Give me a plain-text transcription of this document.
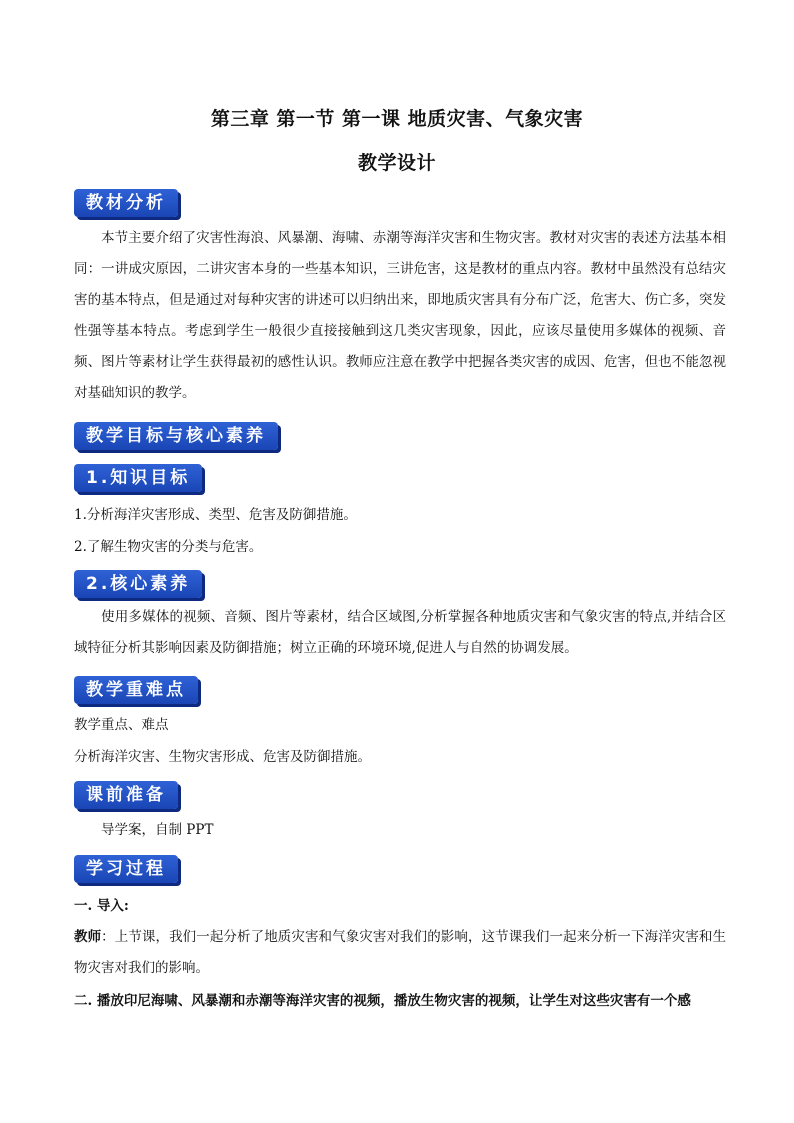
第三章 第一节 第一课 地质灾害、气象灾害
教学设计
教材分析
本节主要介绍了灾害性海浪、风暴潮、海啸、赤潮等海洋灾害和生物灾害。教材对灾害的表述方法基本相同：一讲成灾原因，二讲灾害本身的一些基本知识，三讲危害，这是教材的重点内容。教材中虽然没有总结灾害的基本特点，但是通过对每种灾害的讲述可以归纳出来，即地质灾害具有分布广泛，危害大、伤亡多，突发性强等基本特点。考虑到学生一般很少直接接触到这几类灾害现象，因此，应该尽量使用多媒体的视频、音频、图片等素材让学生获得最初的感性认识。教师应注意在教学中把握各类灾害的成因、危害，但也不能忽视对基础知识的教学。
教学目标与核心素养
1.知识目标
1.分析海洋灾害形成、类型、危害及防御措施。
2.了解生物灾害的分类与危害。
2.核心素养
使用多媒体的视频、音频、图片等素材，结合区域图,分析掌握各种地质灾害和气象灾害的特点,并结合区域特征分析其影响因素及防御措施；树立正确的环境环境,促进人与自然的协调发展。
教学重难点
教学重点、难点
分析海洋灾害、生物灾害形成、危害及防御措施。
课前准备
导学案，自制 PPT
学习过程
一. 导入:
教师：上节课，我们一起分析了地质灾害和气象灾害对我们的影响，这节课我们一起来分析一下海洋灾害和生物灾害对我们的影响。
二. 播放印尼海啸、风暴潮和赤潮等海洋灾害的视频，播放生物灾害的视频，让学生对这些灾害有一个感
